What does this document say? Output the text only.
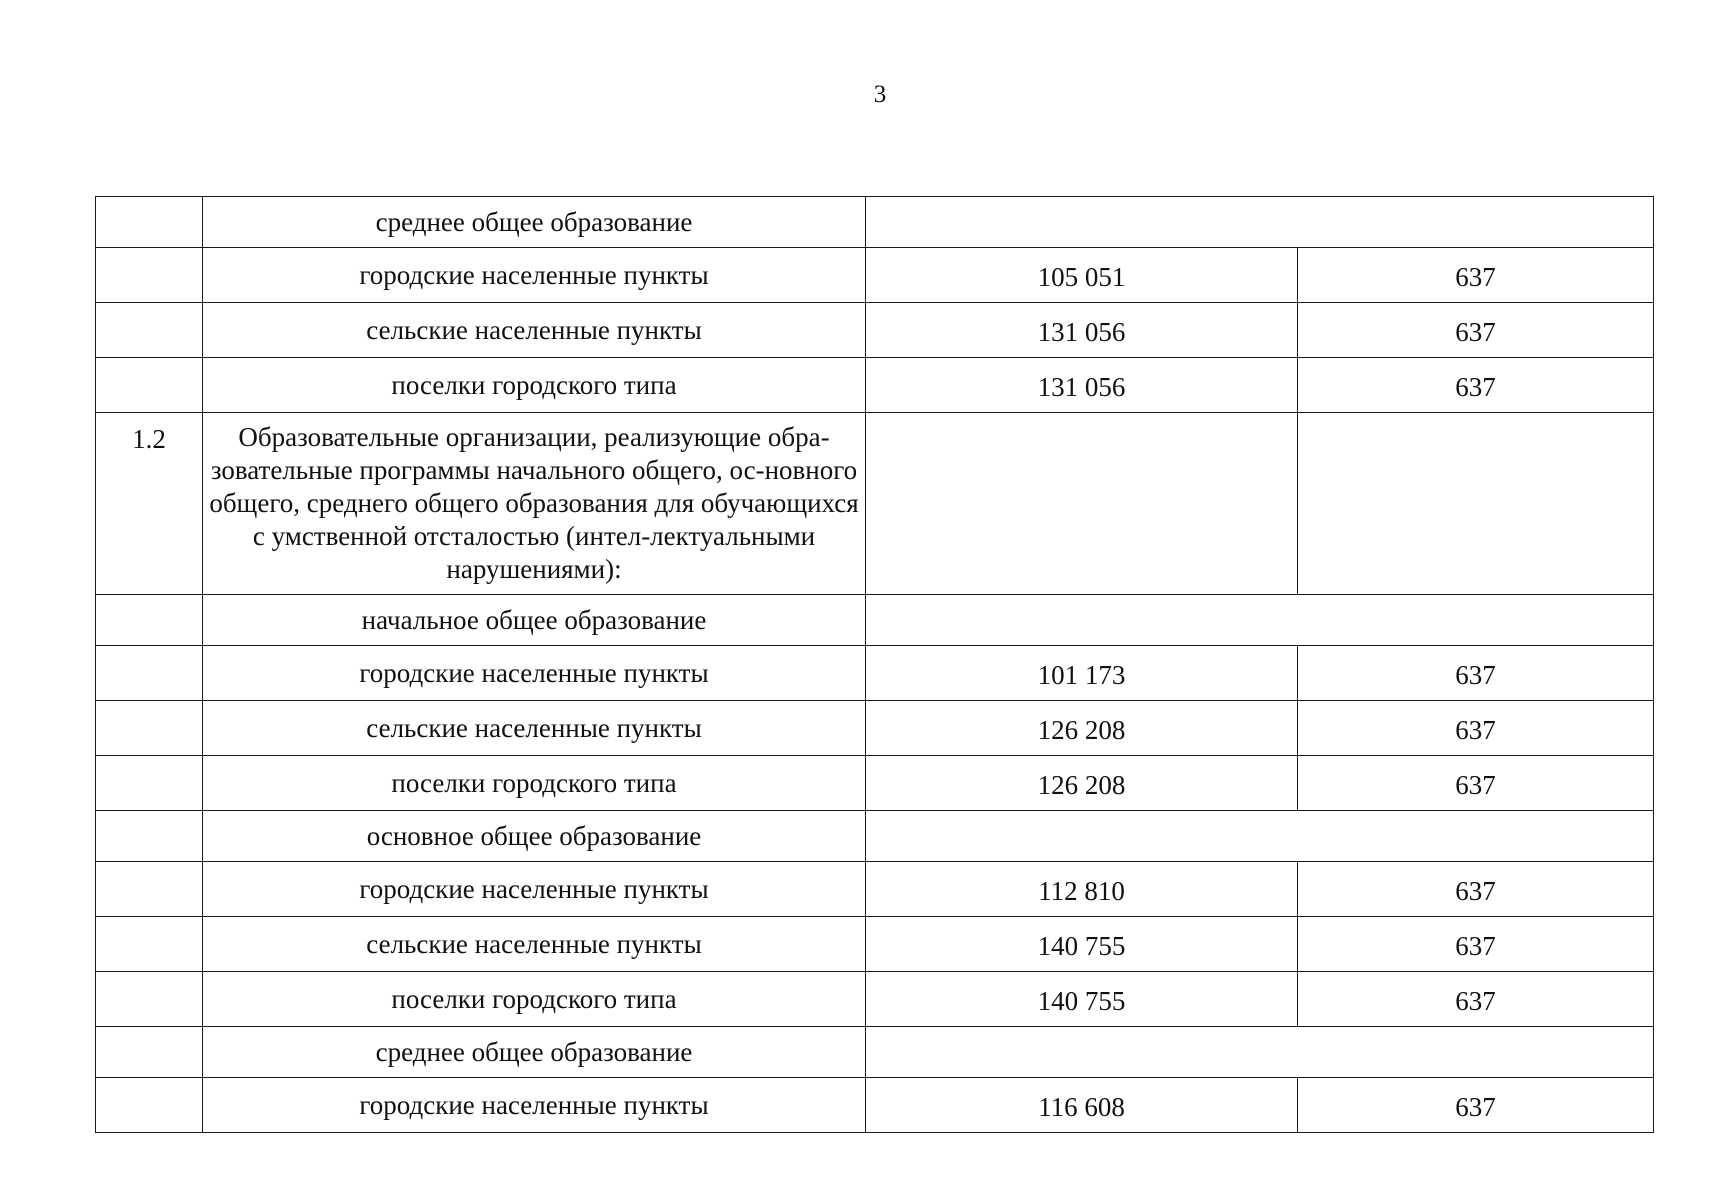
3
	среднее общее образование		
	городские населенные пункты	105 051	637
	сельские населенные пункты	131 056	637
	поселки городского типа	131 056	637
1.2	Образовательные организации, реализующие обра-зовательные программы начального общего, ос-новного общего, среднего общего образования для обучающихся с умственной отсталостью (интел-лектуальными нарушениями):		
	начальное общее образование		
	городские населенные пункты	101 173	637
	сельские населенные пункты	126 208	637
	поселки городского типа	126 208	637
	основное общее образование		
	городские населенные пункты	112 810	637
	сельские населенные пункты	140 755	637
	поселки городского типа	140 755	637
	среднее общее образование		
	городские населенные пункты	116 608	637
